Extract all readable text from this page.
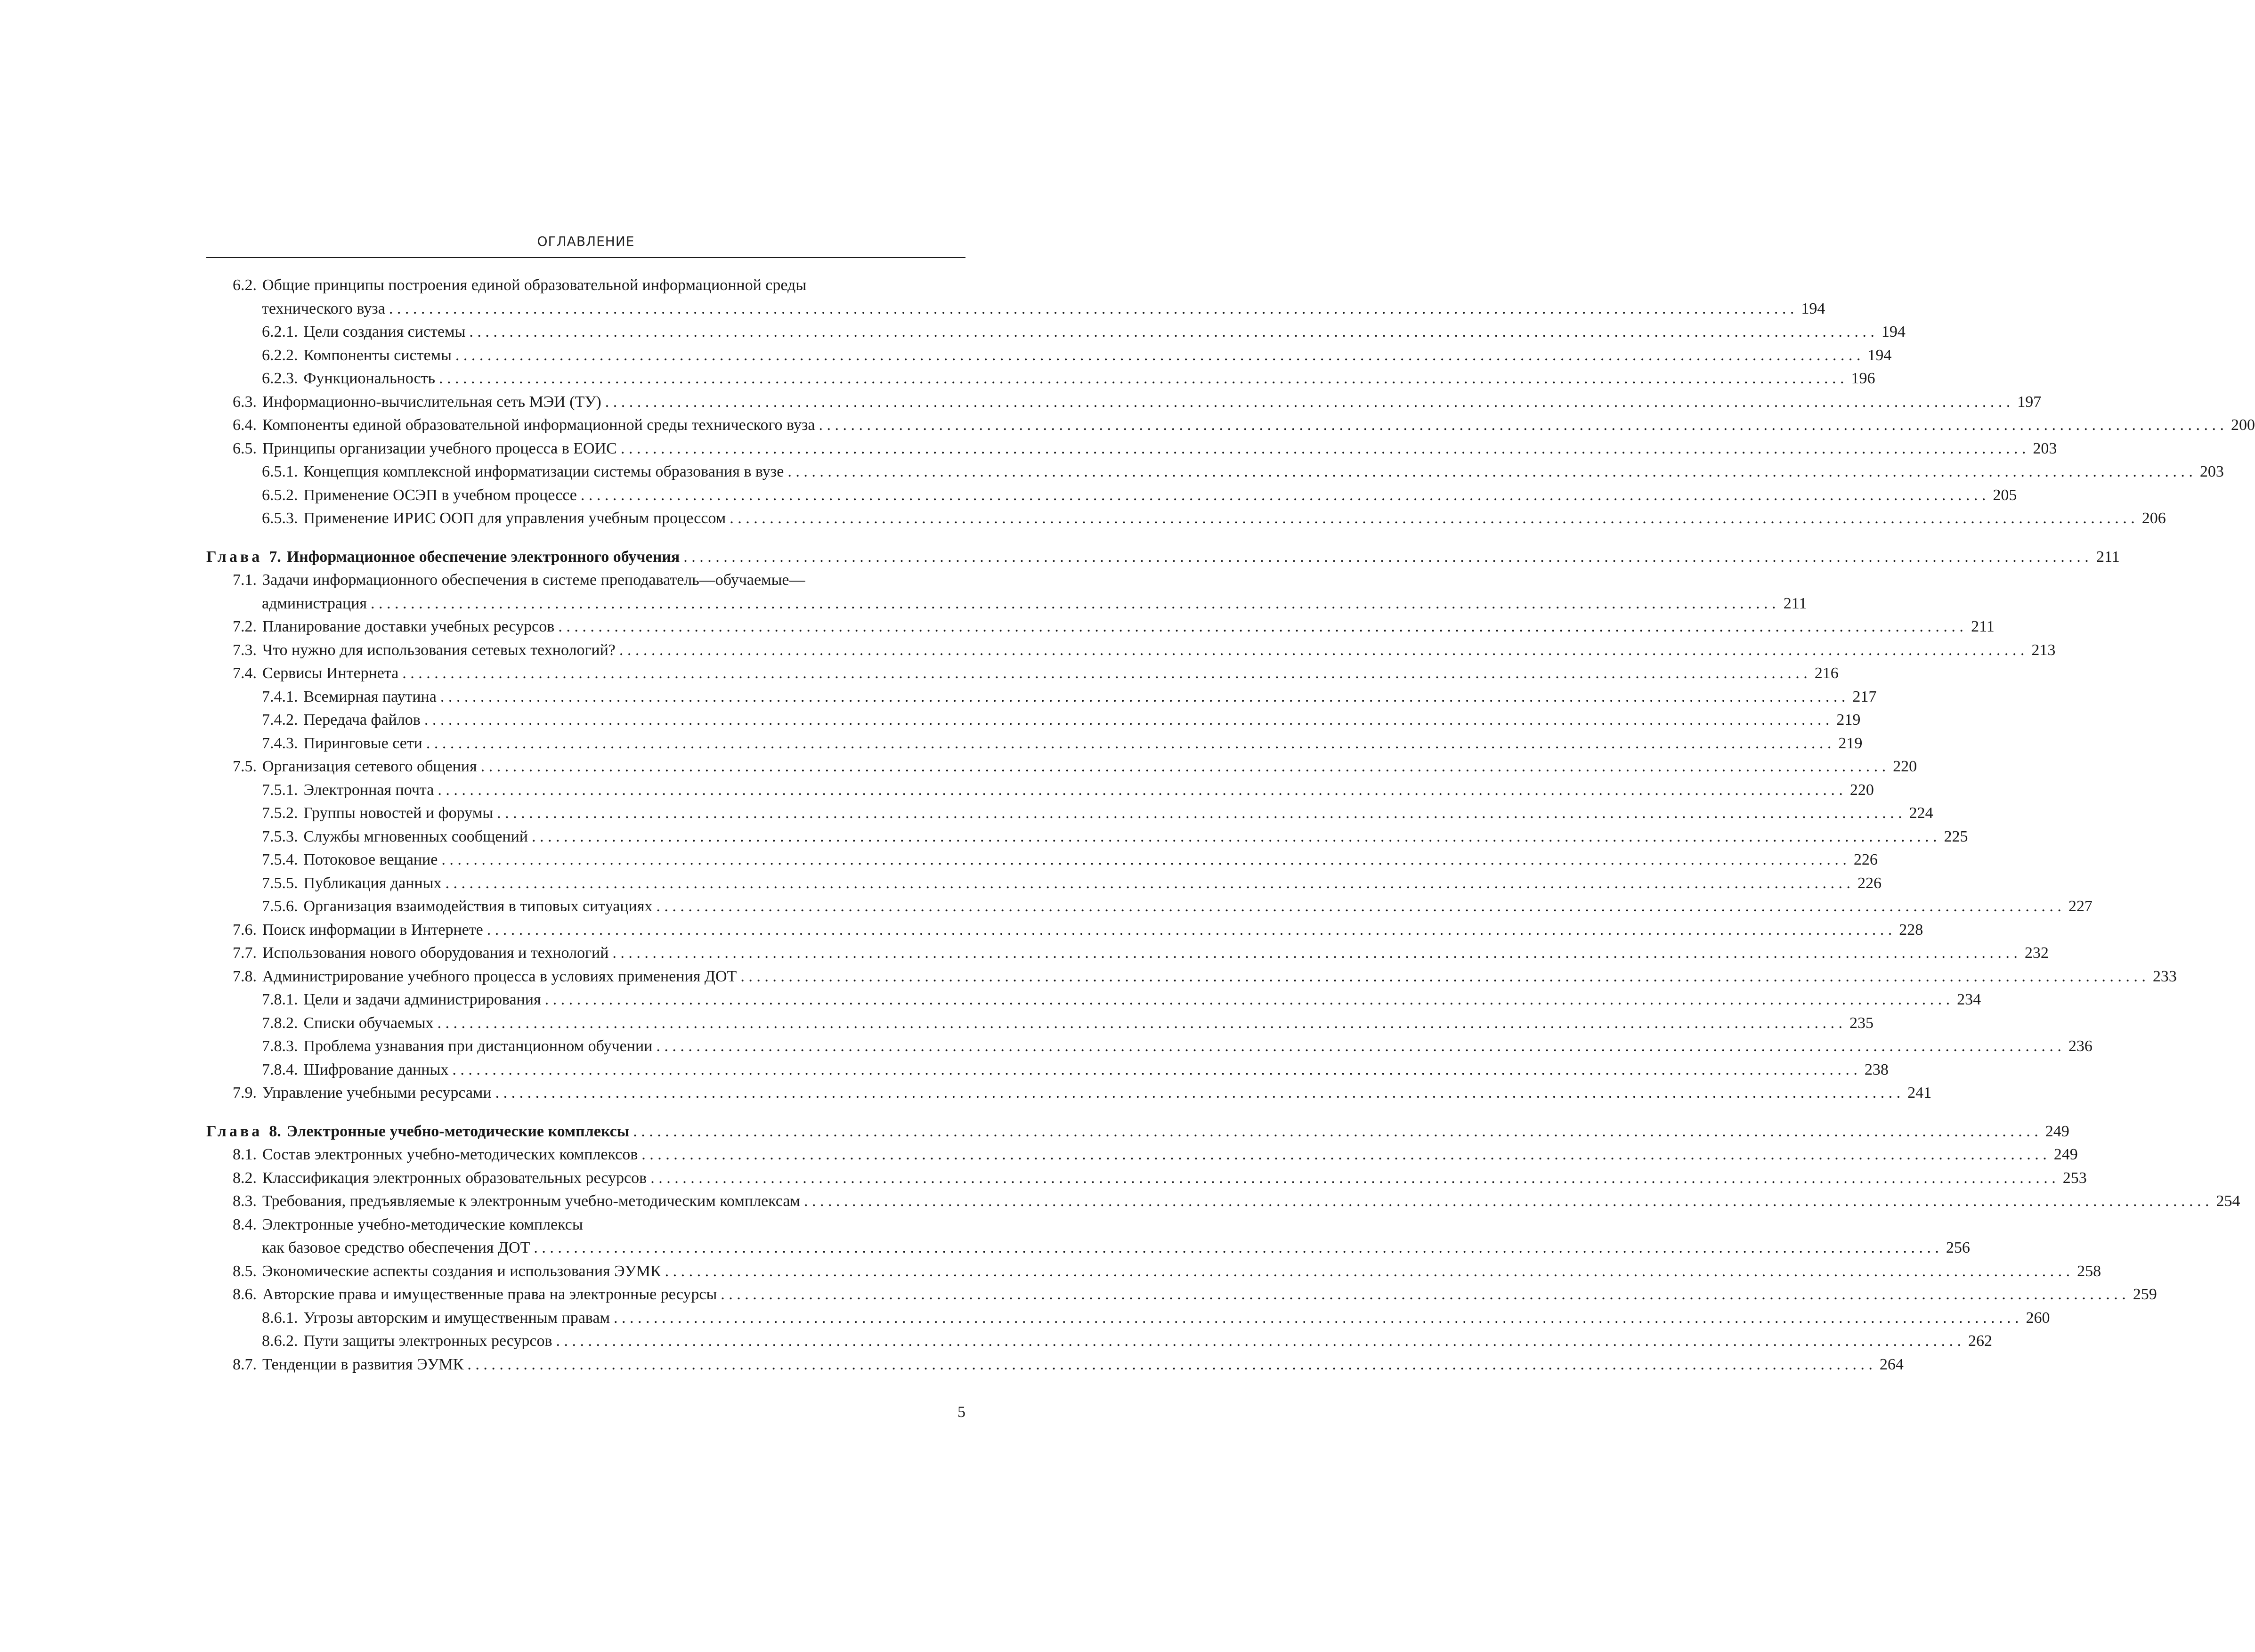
ОГЛАВЛЕНИЕ
6.2. Общие принципы построения единой образовательной информационной среды
технического вуза . . .	194
6.2.1. Цели создания системы . . .	194
6.2.2. Компоненты системы . . .	194
6.2.3. Функциональность . . .	196
6.3. Информационно-вычислительная сеть МЭИ (ТУ) . . .	197
6.4. Компоненты единой образовательной информационной среды технического вуза . . .	200
6.5. Принципы организации учебного процесса в ЕОИС . . .	203
6.5.1. Концепция комплексной информатизации системы образования в вузе . . .	203
6.5.2. Применение ОСЭП в учебном процессе . . .	205
6.5.3. Применение ИРИС ООП для управления учебным процессом . . .	206
Глава 7. Информационное обеспечение электронного обучения . . .	211
7.1. Задачи информационного обеспечения в системе преподаватель—обучаемые—
администрация . . .	211
7.2. Планирование доставки учебных ресурсов . . .	211
7.3. Что нужно для использования сетевых технологий? . . .	213
7.4. Сервисы Интернета . . .	216
7.4.1. Всемирная паутина . . .	217
7.4.2. Передача файлов . . .	219
7.4.3. Пиринговые сети . . .	219
7.5. Организация сетевого общения . . .	220
7.5.1. Электронная почта . . .	220
7.5.2. Группы новостей и форумы . . .	224
7.5.3. Службы мгновенных сообщений . . .	225
7.5.4. Потоковое вещание . . .	226
7.5.5. Публикация данных . . .	226
7.5.6. Организация взаимодействия в типовых ситуациях . . .	227
7.6. Поиск информации в Интернете . . .	228
7.7. Использования нового оборудования и технологий . . .	232
7.8. Администрирование учебного процесса в условиях применения ДОТ . . .	233
7.8.1. Цели и задачи администрирования . . .	234
7.8.2. Списки обучаемых . . .	235
7.8.3. Проблема узнавания при дистанционном обучении . . .	236
7.8.4. Шифрование данных . . .	238
7.9. Управление учебными ресурсами . . .	241
Глава 8. Электронные учебно-методические комплексы . . .	249
8.1. Состав электронных учебно-методических комплексов . . .	249
8.2. Классификация электронных образовательных ресурсов . . .	253
8.3. Требования, предъявляемые к электронным учебно-методическим комплексам . . .	254
8.4. Электронные учебно-методические комплексы
как базовое средство обеспечения ДОТ . . .	256
8.5. Экономические аспекты создания и использования ЭУМК . . .	258
8.6. Авторские права и имущественные права на электронные ресурсы . . .	259
8.6.1. Угрозы авторским и имущественным правам . . .	260
8.6.2. Пути защиты электронных ресурсов . . .	262
8.7. Тенденции в развития ЭУМК . . .	264
5
